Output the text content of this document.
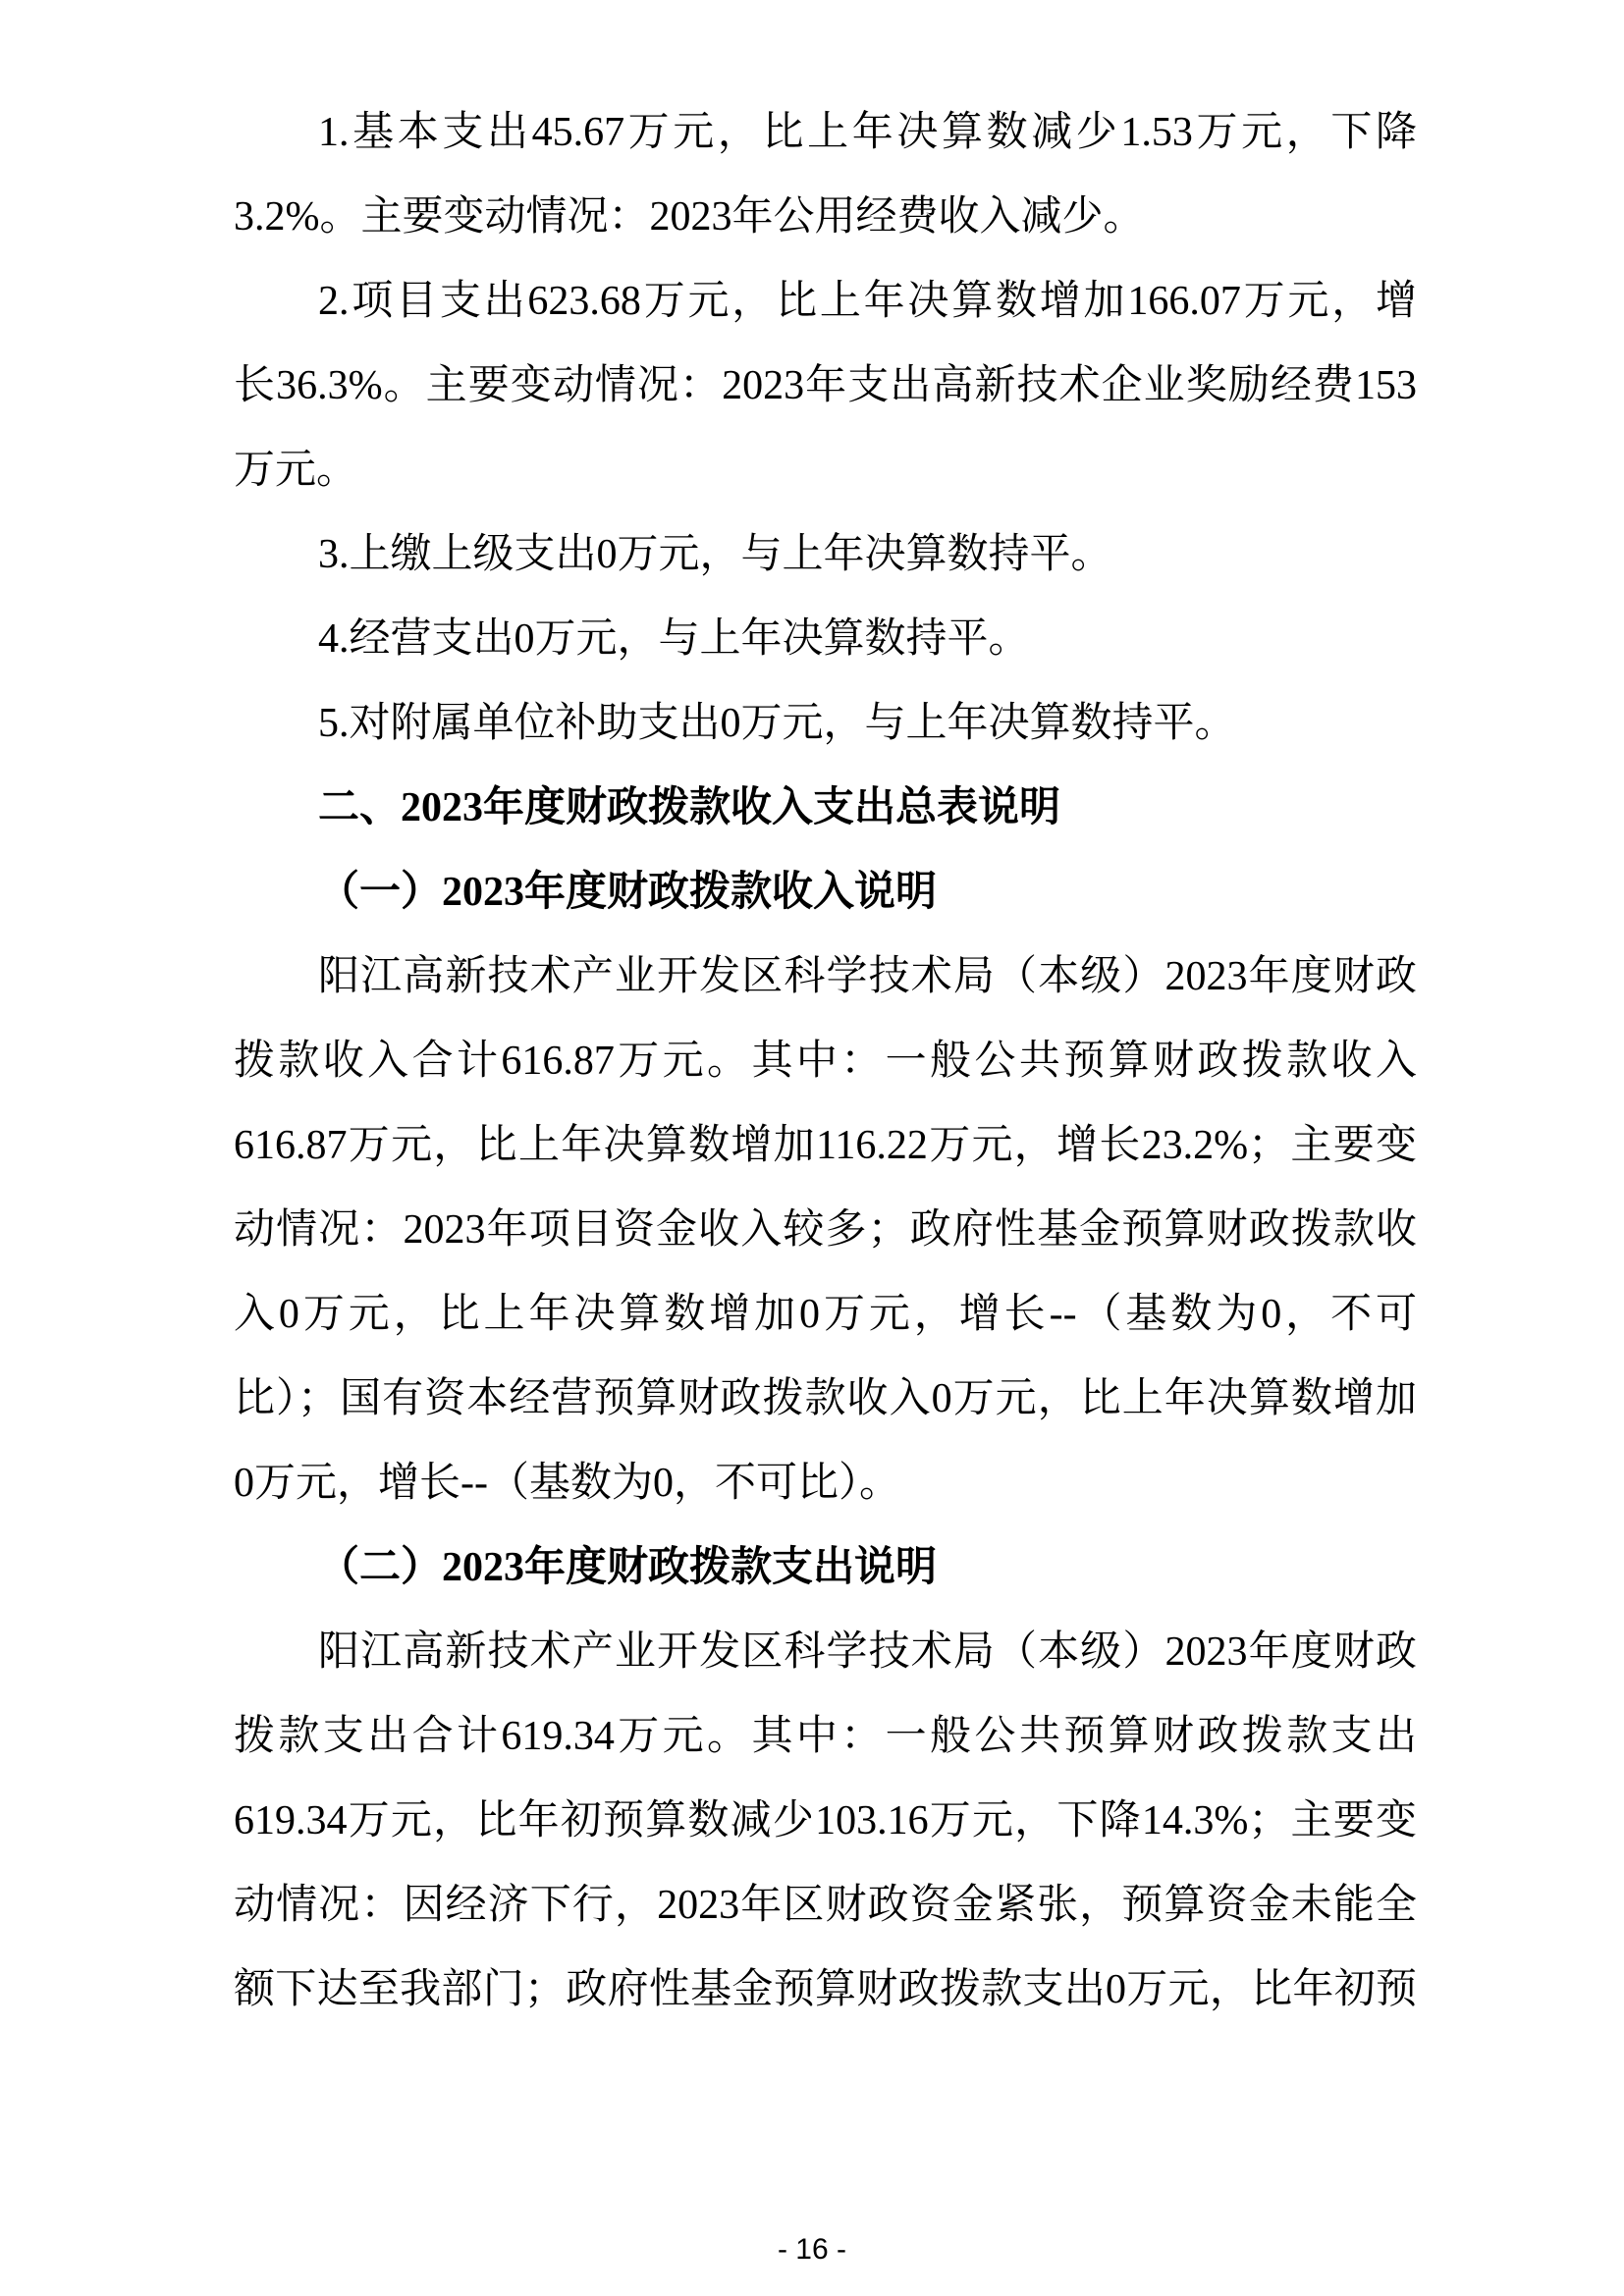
1.基本支出45.67万元，比上年决算数减少1.53万元，下降
3.2%。主要变动情况：2023年公用经费收入减少。
2.项目支出623.68万元，比上年决算数增加166.07万元，增
长36.3%。主要变动情况：2023年支出高新技术企业奖励经费153
万元。
3.上缴上级支出0万元，与上年决算数持平。
4.经营支出0万元，与上年决算数持平。
5.对附属单位补助支出0万元，与上年决算数持平。
二、2023年度财政拨款收入支出总表说明
（一）2023年度财政拨款收入说明
阳江高新技术产业开发区科学技术局（本级）2023年度财政
拨款收入合计616.87万元。其中：一般公共预算财政拨款收入
616.87万元，比上年决算数增加116.22万元，增长23.2%；主要变
动情况：2023年项目资金收入较多；政府性基金预算财政拨款收
入0万元，比上年决算数增加0万元，增长--（基数为0，不可
比）；国有资本经营预算财政拨款收入0万元，比上年决算数增加
0万元，增长--（基数为0，不可比）。
（二）2023年度财政拨款支出说明
阳江高新技术产业开发区科学技术局（本级）2023年度财政
拨款支出合计619.34万元。其中：一般公共预算财政拨款支出
619.34万元，比年初预算数减少103.16万元，下降14.3%；主要变
动情况：因经济下行，2023年区财政资金紧张，预算资金未能全
额下达至我部门；政府性基金预算财政拨款支出0万元，比年初预
- 16 -
